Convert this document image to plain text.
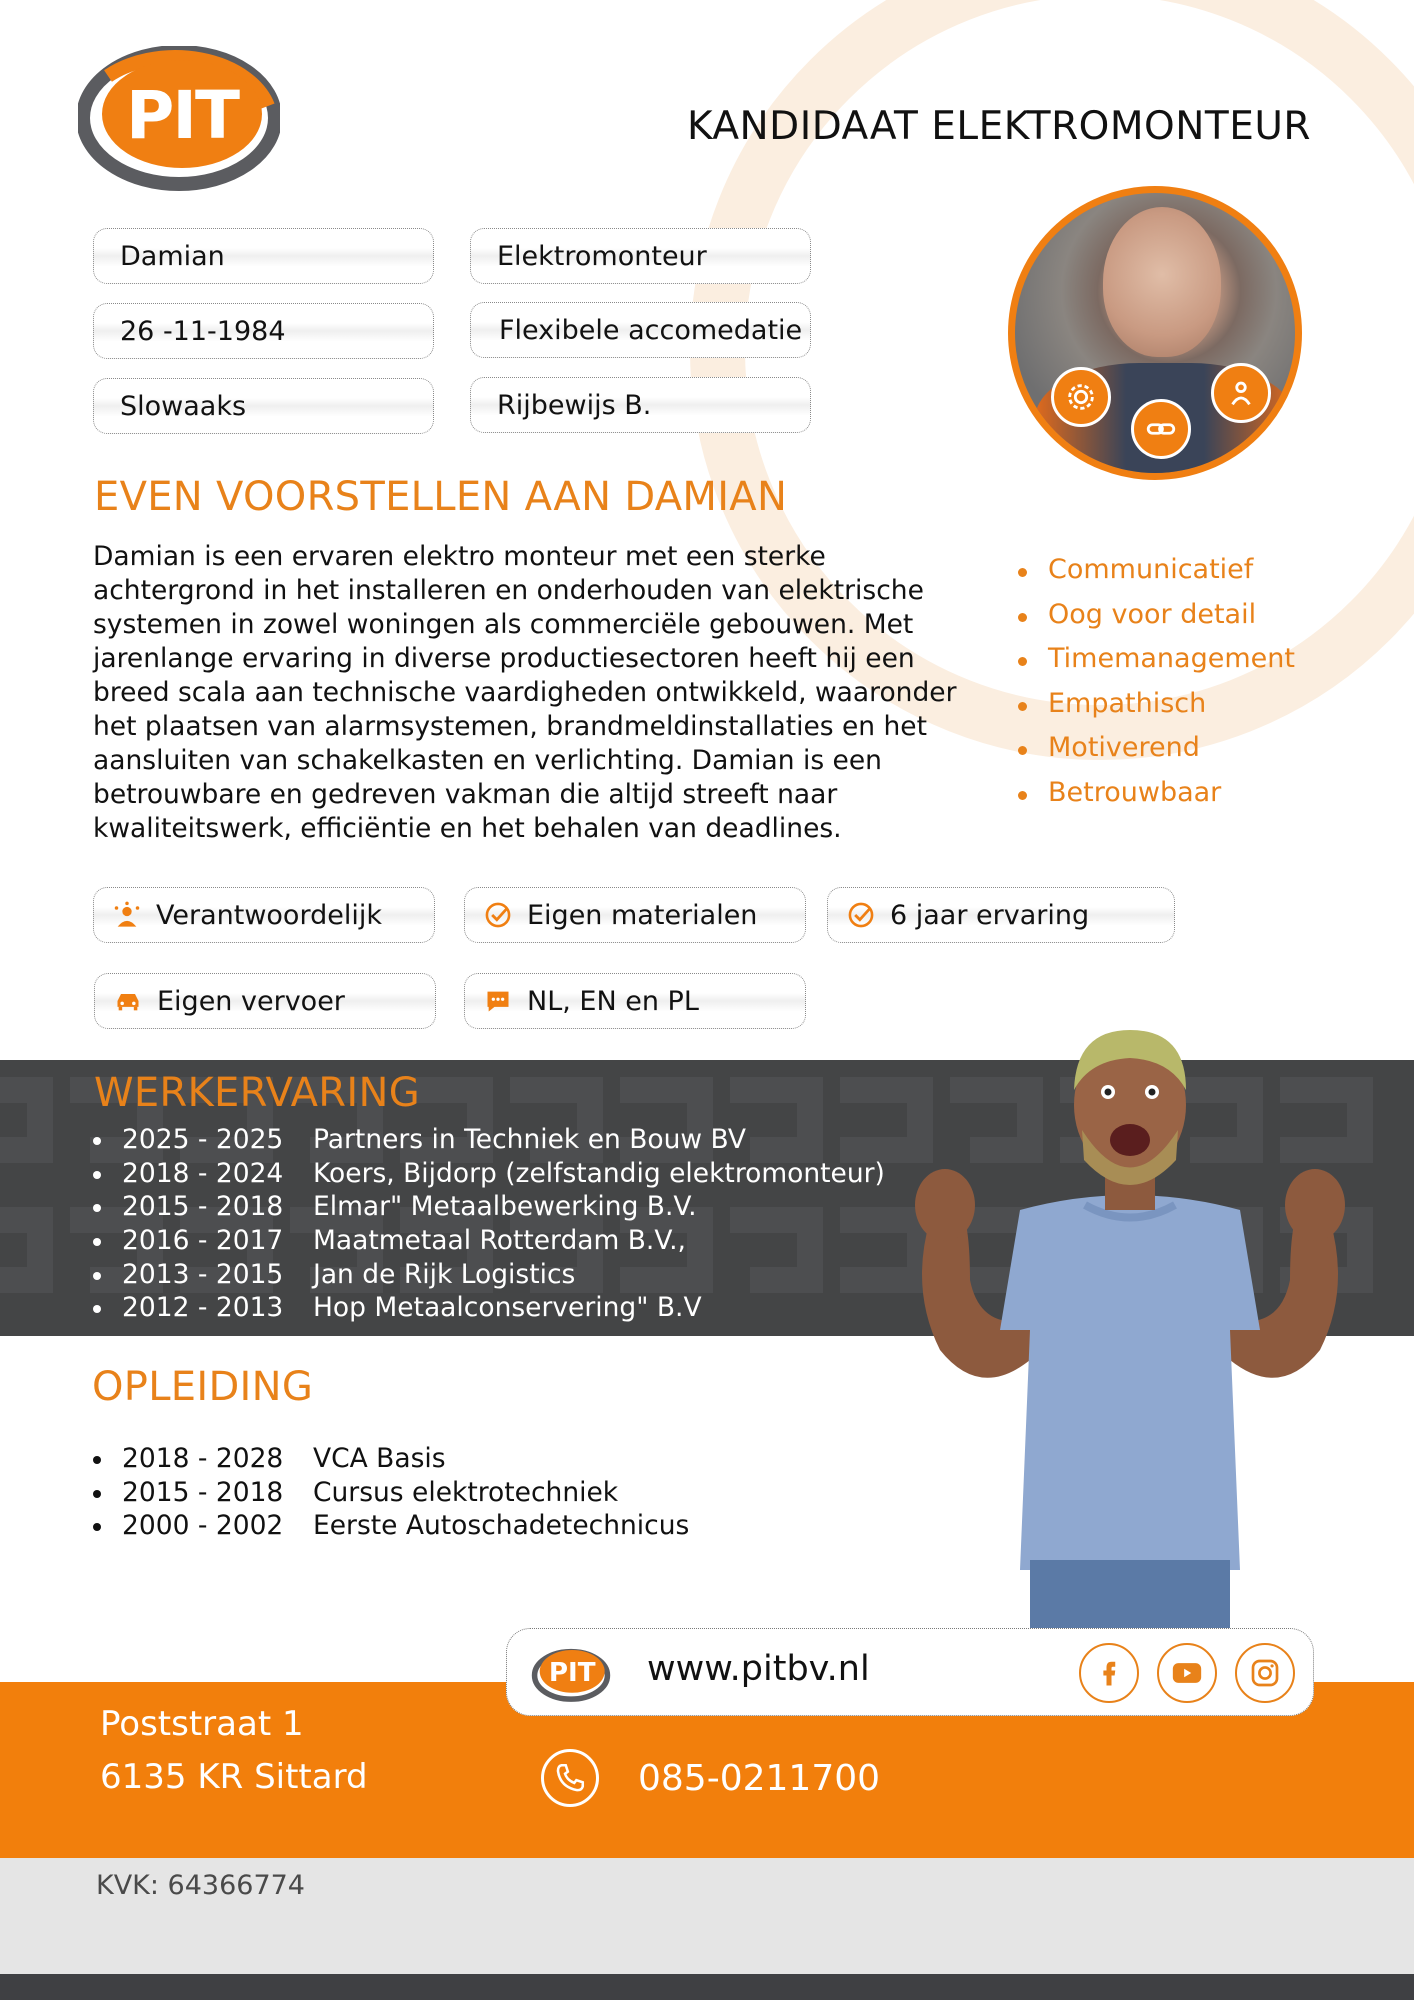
PIT	KANDIDAAT ELEKTROMONTEUR
Damian
26 -11-1984
Slowaaks
Elektromonteur
Flexibele accomedatie
Rijbewijs B.
EVEN VOORSTELLEN AAN DAMIAN
Damian is een ervaren elektro monteur met een sterke achtergrond in het installeren en onderhouden van elektrische systemen in zowel woningen als commerciële gebouwen. Met jarenlange ervaring in diverse productiesectoren heeft hij een breed scala aan technische vaardigheden ontwikkeld, waaronder het plaatsen van alarmsystemen, brandmeldinstallaties en het aansluiten van schakelkasten en verlichting. Damian is een betrouwbare en gedreven vakman die altijd streeft naar kwaliteitswerk, efficiëntie en het behalen van deadlines.
Communicatief
Oog voor detail
Timemanagement
Empathisch
Motiverend
Betrouwbaar
Verantwoordelijk	Eigen materialen	6 jaar ervaring
Eigen vervoer	NL, EN en PL
WERKERVARING
2025 - 2025 Partners in Techniek en Bouw BV
2018 - 2024 Koers, Bijdorp (zelfstandig elektromonteur)
2015 - 2018 Elmar" Metaalbewerking B.V.
2016 - 2017 Maatmetaal Rotterdam B.V.,
2013 - 2015 Jan de Rijk Logistics
2012 - 2013 Hop Metaalconservering" B.V
OPLEIDING
2018 - 2028 VCA Basis
2015 - 2018 Cursus elektrotechniek
2000 - 2002 Eerste Autoschadetechnicus
Poststraat 1
6135 KR Sittard	085-0211700
KVK: 64366774
PIT www.pitbv.nl
